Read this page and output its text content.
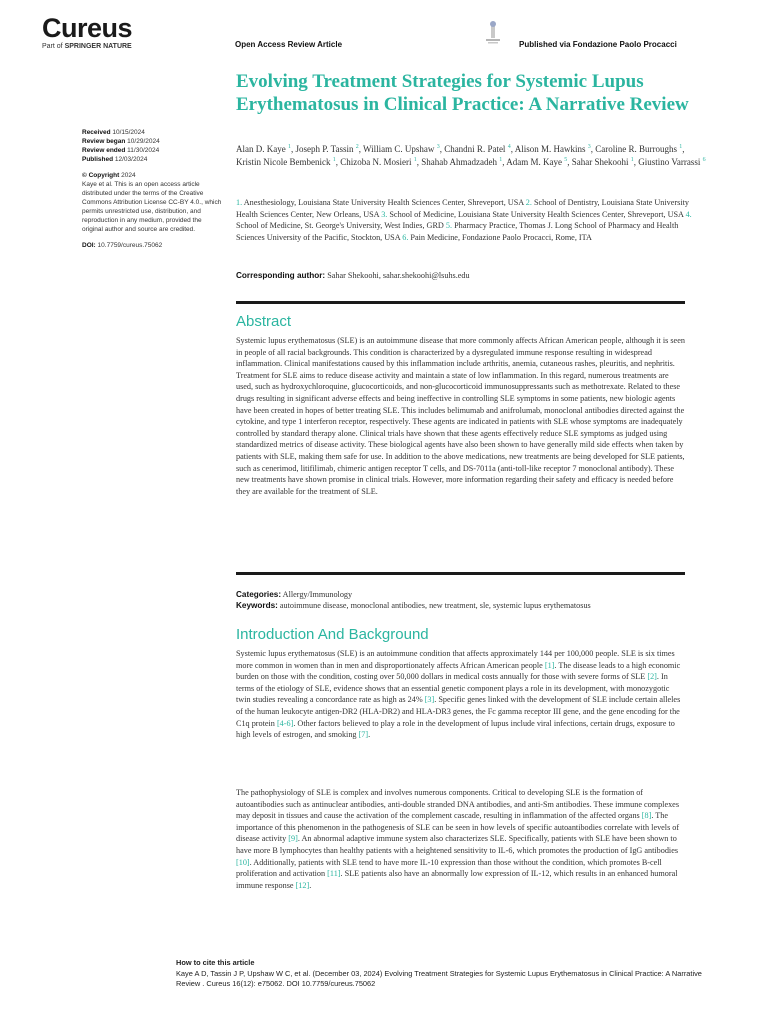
Cureus
Part of SPRINGER NATURE	Open Access Review Article	Published via Fondazione Paolo Procacci
Evolving Treatment Strategies for Systemic Lupus Erythematosus in Clinical Practice: A Narrative Review
Received 10/15/2024
Review began 10/29/2024
Review ended 11/30/2024
Published 12/03/2024
© Copyright 2024
Kaye et al. This is an open access article distributed under the terms of the Creative Commons Attribution License CC-BY 4.0., which permits unrestricted use, distribution, and reproduction in any medium, provided the original author and source are credited.
DOI: 10.7759/cureus.75062
Alan D. Kaye $^1$, Joseph P. Tassin $^2$, William C. Upshaw $^3$, Chandni R. Patel $^4$, Alison M. Hawkins $^3$, Caroline R. Burroughs $^1$, Kristin Nicole Bembenick $^1$, Chizoba N. Mosieri $^1$, Shahab Ahmadzadeh $^1$, Adam M. Kaye $^5$, Sahar Shekoohi $^1$, Giustino Varrassi $^6$
1. Anesthesiology, Louisiana State University Health Sciences Center, Shreveport, USA 2. School of Dentistry, Louisiana State University Health Sciences Center, New Orleans, USA 3. School of Medicine, Louisiana State University Health Sciences Center, Shreveport, USA 4. School of Medicine, St. George's University, West Indies, GRD 5. Pharmacy Practice, Thomas J. Long School of Pharmacy and Health Sciences University of the Pacific, Stockton, USA 6. Pain Medicine, Fondazione Paolo Procacci, Rome, ITA
Corresponding author: Sahar Shekoohi, sahar.shekoohi@lsuhs.edu
Abstract
Systemic lupus erythematosus (SLE) is an autoimmune disease that more commonly affects African American people, although it is seen in people of all racial backgrounds. This condition is characterized by a dysregulated immune response resulting in widespread inflammation. Clinical manifestations caused by this inflammation include arthritis, anemia, cutaneous rashes, pleuritis, and nephritis. Treatment for SLE aims to reduce disease activity and maintain a state of low inflammation. In this regard, numerous treatments are used, such as hydroxychloroquine, glucocorticoids, and non-glucocorticoid immunosuppressants such as methotrexate. Related to these drugs resulting in significant adverse effects and being ineffective in controlling SLE symptoms in some patients, new biologic agents have been created in hopes of better treating SLE. This includes belimumab and anifrolumab, monoclonal antibodies directed against the cytokine, and type 1 interferon receptor, respectively. These agents are indicated in patients with SLE whose symptoms are inadequately controlled by standard therapy alone. Clinical trials have shown that these agents effectively reduce SLE symptoms as judged using standardized metrics of disease activity. These biological agents have also been shown to have generally mild side effects when taken by patients with SLE, making them safe for use. In addition to the above medications, new treatments are being developed for SLE patients, such as cenerimod, litifilimab, chimeric antigen receptor T cells, and DS-7011a (anti-toll-like receptor 7 monoclonal antibody). These new treatments have shown promise in clinical trials. However, more information regarding their safety and efficacy is needed before they are available for the treatment of SLE.
Categories: Allergy/Immunology
Keywords: autoimmune disease, monoclonal antibodies, new treatment, sle, systemic lupus erythematosus
Introduction And Background

Systemic lupus erythematosus (SLE) is an autoimmune condition that affects approximately 144 per 100,000 people. SLE is six times more common in women than in men and disproportionately affects African American people [1]. The disease leads to a high economic burden on those with the condition, costing over 50,000 dollars in medical costs annually for those with severe forms of SLE [2]. In terms of the etiology of SLE, evidence shows that an essential genetic component plays a role in its development, with monozygotic twin studies revealing a concordance rate as high as 24% [3]. Specific genes linked with the development of SLE include certain alleles of the human leukocyte antigen-DR2 (HLA-DR2) and HLA-DR3 genes, the Fc gamma receptor III gene, and the gene encoding for the C1q protein [4-6]. Other factors believed to play a role in the development of lupus include viral infections, certain drugs, exposure to high levels of estrogen, and smoking [7].

The pathophysiology of SLE is complex and involves numerous components. Critical to developing SLE is the formation of autoantibodies such as antinuclear antibodies, anti-double stranded DNA antibodies, and anti-Sm antibodies. These immune complexes may deposit in tissues and cause the activation of the complement cascade, resulting in inflammation of the affected organs [8]. The importance of this phenomenon in the pathogenesis of SLE can be seen in how levels of specific autoantibodies correlate with levels of disease activity [9]. An abnormal adaptive immune system also characterizes SLE. Specifically, patients with SLE have been shown to have more B lymphocytes than healthy patients with a heightened sensitivity to IL-6, which promotes the production of IgG antibodies [10]. Additionally, patients with SLE tend to have more IL-10 expression than those without the condition, which promotes B-cell proliferation and activation [11]. SLE patients also have an abnormally low expression of IL-12, which results in an enhanced humoral immune response [12].

How to cite this article
Kaye A D, Tassin J P, Upshaw W C, et al. (December 03, 2024) Evolving Treatment Strategies for Systemic Lupus Erythematosus in Clinical Practice: A Narrative Review . Cureus 16(12): e75062. DOI 10.7759/cureus.75062
